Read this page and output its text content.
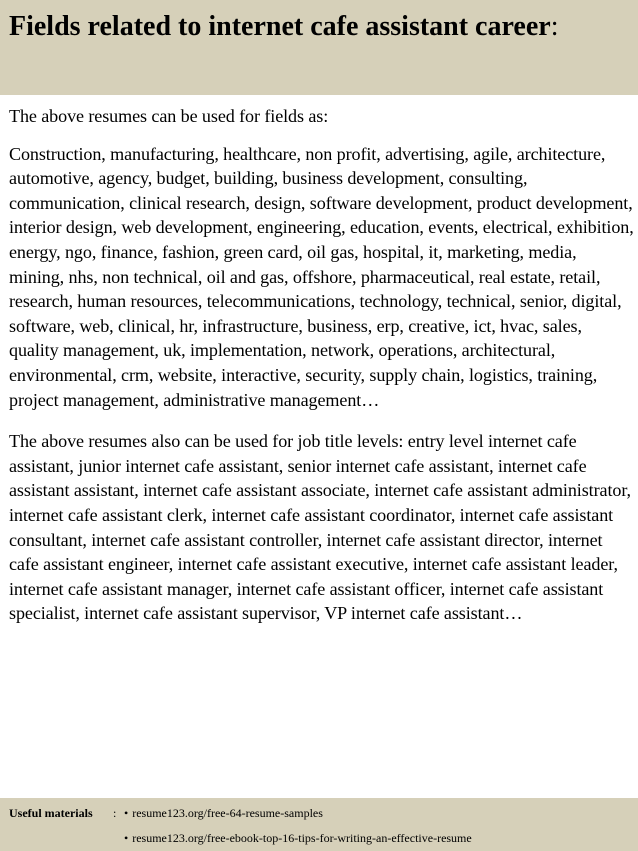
Fields related to internet cafe assistant career:

The above resumes can be used for fields as:

Construction, manufacturing, healthcare, non profit, advertising, agile, architecture, automotive, agency, budget, building, business development, consulting, communication, clinical research, design, software development, product development, interior design, web development, engineering, education, events, electrical, exhibition, energy, ngo, finance, fashion, green card, oil gas, hospital, it, marketing, media, mining, nhs, non technical, oil and gas, offshore, pharmaceutical, real estate, retail, research, human resources, telecommunications, technology, technical, senior, digital, software, web, clinical, hr, infrastructure, business, erp, creative, ict, hvac, sales, quality management, uk, implementation, network, operations, architectural, environmental, crm, website, interactive, security, supply chain, logistics, training, project management, administrative management…

The above resumes also can be used for job title levels: entry level internet cafe assistant, junior internet cafe assistant, senior internet cafe assistant, internet cafe assistant assistant, internet cafe assistant associate, internet cafe assistant administrator, internet cafe assistant clerk, internet cafe assistant coordinator, internet cafe assistant consultant, internet cafe assistant controller, internet cafe assistant director, internet cafe assistant engineer, internet cafe assistant executive, internet cafe assistant leader, internet cafe assistant manager, internet cafe assistant officer, internet cafe assistant specialist, internet cafe assistant supervisor, VP internet cafe assistant…

Useful materials : • resume123.org/free-64-resume-samples
• resume123.org/free-ebook-top-16-tips-for-writing-an-effective-resume
